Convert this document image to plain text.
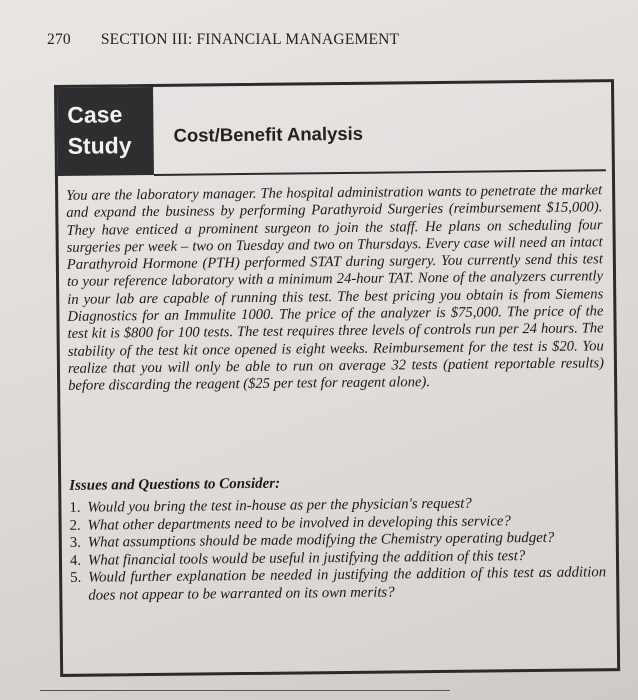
270 SECTION III: FINANCIAL MANAGEMENT
Case
Study	Cost/Benefit Analysis
You are the laboratory manager. The hospital administration wants to penetrate the market and expand the business by performing Parathyroid Surgeries (reimbursement $15,000). They have enticed a prominent surgeon to join the staff. He plans on scheduling four surgeries per week – two on Tuesday and two on Thursdays. Every case will need an intact Parathyroid Hormone (PTH) performed STAT during surgery. You currently send this test to your reference laboratory with a minimum 24-hour TAT. None of the analyzers currently in your lab are capable of running this test. The best pricing you obtain is from Siemens Diagnostics for an Immulite 1000. The price of the analyzer is $75,000. The price of the test kit is $800 for 100 tests. The test requires three levels of controls run per 24 hours. The stability of the test kit once opened is eight weeks. Reimbursement for the test is $20. You realize that you will only be able to run on average 32 tests (patient reportable results) before discarding the reagent ($25 per test for reagent alone).
Issues and Questions to Consider:
1. Would you bring the test in-house as per the physician's request?
2. What other departments need to be involved in developing this service?
3. What assumptions should be made modifying the Chemistry operating budget?
4. What financial tools would be useful in justifying the addition of this test?
5. Would further explanation be needed in justifying the addition of this test as addition does not appear to be warranted on its own merits?
